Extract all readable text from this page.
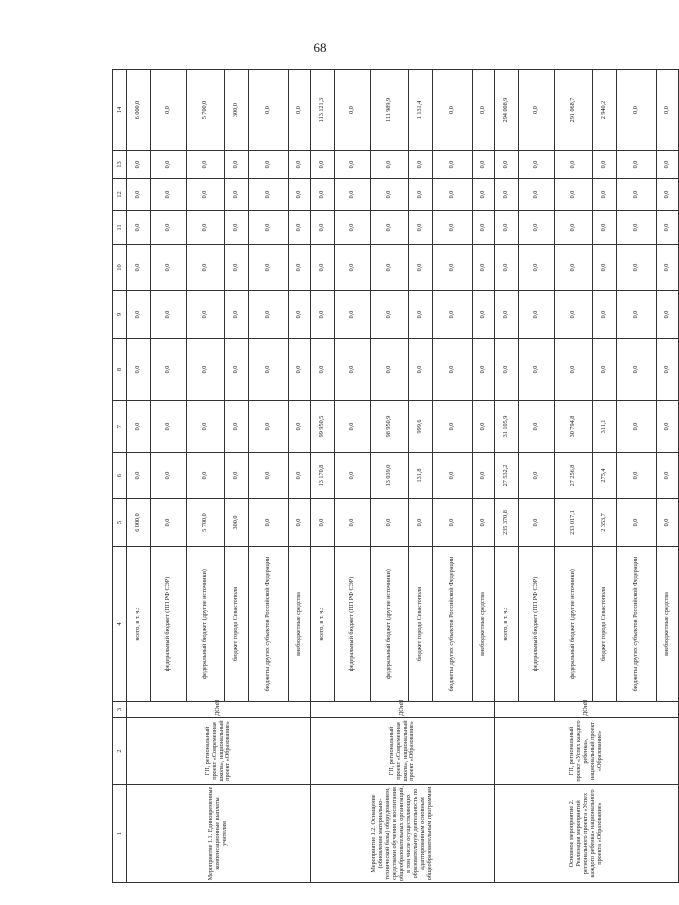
68
1	2	3	4	5	6	7	8	9	10	11	12	13	14
Мероприятие 1.1. Единовременные компенсационные выплаты учителям	ГП, региональный проект «Современная школа», национальный проект «Образование»	ДОиН	всего, в т. ч.:	6 000,0	0,0	0,0	0,0	0,0	0,0	0,0	0,0	0,0	6 000,0
			федеральный бюджет (ПП РФ СЭР)	0,0	0,0	0,0	0,0	0,0	0,0	0,0	0,0	0,0	0,0
			федеральный бюджет (другие источники)	5 700,0	0,0	0,0	0,0	0,0	0,0	0,0	0,0	0,0	5 700,0
			бюджет города Севастополя	300,0	0,0	0,0	0,0	0,0	0,0	0,0	0,0	0,0	300,0
			бюджеты других субъектов Российской Федерации	0,0	0,0	0,0	0,0	0,0	0,0	0,0	0,0	0,0	0,0
			внебюджетные средства	0,0	0,0	0,0	0,0	0,0	0,0	0,0	0,0	0,0	0,0
Мероприятие 1.2. Оснащение (обновление материально-технической базы) оборудованием, средствами обучения и воспитания общеобразовательных организаций, в том числе осуществляющих образовательную деятельность по адаптированным основным общеобразовательным программам	ГП, региональный проект «Современная школа», национальный проект «Образование»	ДОиН	всего, в т. ч.:	0,0	13 170,8	99 950,5	0,0	0,0	0,0	0,0	0,0	0,0	113 121,3
			федеральный бюджет (ПП РФ СЭР)	0,0	0,0	0,0	0,0	0,0	0,0	0,0	0,0	0,0	0,0
			федеральный бюджет (другие источники)	0,0	13 039,0	98 950,9	0,0	0,0	0,0	0,0	0,0	0,0	111 989,9
			бюджет города Севастополя	0,0	131,8	999,6	0,0	0,0	0,0	0,0	0,0	0,0	1 131,4
			бюджеты других субъектов Российской Федерации	0,0	0,0	0,0	0,0	0,0	0,0	0,0	0,0	0,0	0,0
			внебюджетные средства	0,0	0,0	0,0	0,0	0,0	0,0	0,0	0,0	0,0	0,0
Основное мероприятие 2. Реализация мероприятий регионального проекта «Успех каждого ребенка» национального проекта «Образование»	ГП, региональный проект «Успех каждого ребенка», национальный проект «Образование»	ДОиН	всего, в т. ч.:	235 370,8	27 532,2	31 105,9	0,0	0,0	0,0	0,0	0,0	0,0	294 008,9
			федеральный бюджет (ПП РФ СЭР)	0,0	0,0	0,0	0,0	0,0	0,0	0,0	0,0	0,0	0,0
			федеральный бюджет (другие источники)	233 017,1	27 256,8	30 794,8	0,0	0,0	0,0	0,0	0,0	0,0	291 068,7
			бюджет города Севастополя	2 353,7	275,4	311,1	0,0	0,0	0,0	0,0	0,0	0,0	2 940,2
			бюджеты других субъектов Российской Федерации	0,0	0,0	0,0	0,0	0,0	0,0	0,0	0,0	0,0	0,0
			внебюджетные средства	0,0	0,0	0,0	0,0	0,0	0,0	0,0	0,0	0,0	0,0
